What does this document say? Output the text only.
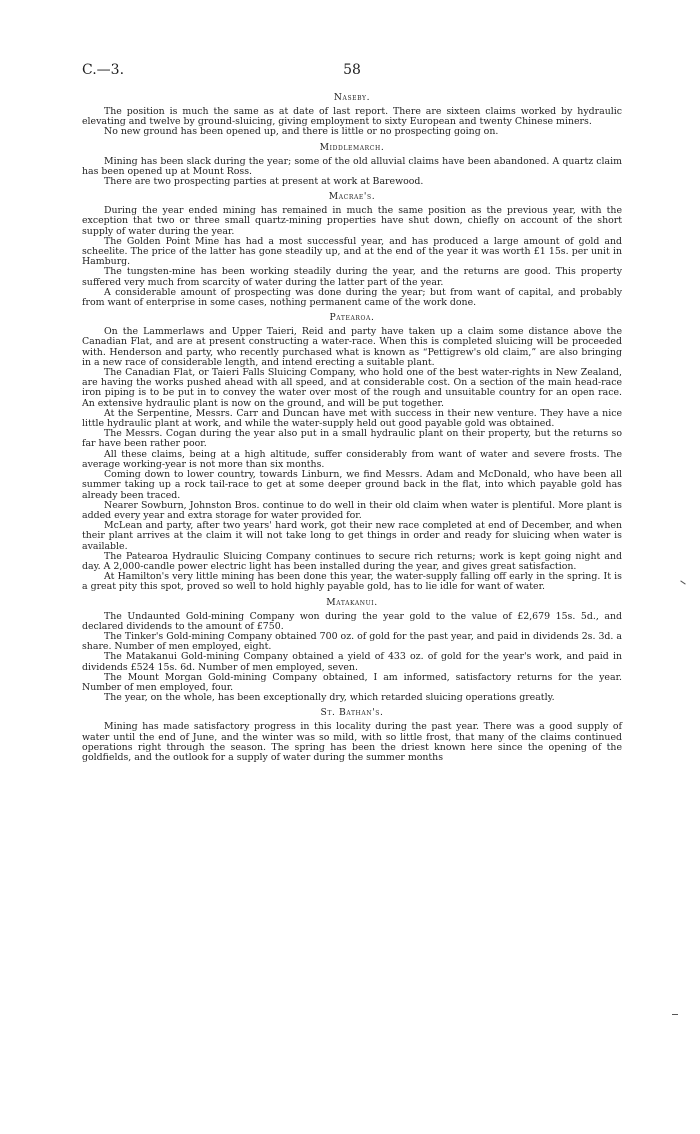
C.—3.	58
Naseby.

The position is much the same as at date of last report. There are sixteen claims worked by hydraulic elevating and twelve by ground-sluicing, giving employment to sixty European and twenty Chinese miners.

No new ground has been opened up, and there is little or no prospecting going on.

Middlemarch.

Mining has been slack during the year; some of the old alluvial claims have been abandoned. A quartz claim has been opened up at Mount Ross.

There are two prospecting parties at present at work at Barewood.

Macrae's.

During the year ended mining has remained in much the same position as the previous year, with the exception that two or three small quartz-mining properties have shut down, chiefly on account of the short supply of water during the year.

The Golden Point Mine has had a most successful year, and has produced a large amount of gold and scheelite. The price of the latter has gone steadily up, and at the end of the year it was worth £1 15s. per unit in Hamburg.

The tungsten-mine has been working steadily during the year, and the returns are good. This property suffered very much from scarcity of water during the latter part of the year.

A considerable amount of prospecting was done during the year; but from want of capital, and probably from want of enterprise in some cases, nothing permanent came of the work done.

Patearoa.

On the Lammerlaws and Upper Taieri, Reid and party have taken up a claim some distance above the Canadian Flat, and are at present constructing a water-race. When this is completed sluicing will be proceeded with. Henderson and party, who recently purchased what is known as “Pettigrew's old claim,” are also bringing in a new race of considerable length, and intend erecting a suitable plant.

The Canadian Flat, or Taieri Falls Sluicing Company, who hold one of the best water-rights in New Zealand, are having the works pushed ahead with all speed, and at considerable cost. On a section of the main head-race iron piping is to be put in to convey the water over most of the rough and unsuitable country for an open race. An extensive hydraulic plant is now on the ground, and will be put together.

At the Serpentine, Messrs. Carr and Duncan have met with success in their new venture. They have a nice little hydraulic plant at work, and while the water-supply held out good payable gold was obtained.

The Messrs. Cogan during the year also put in a small hydraulic plant on their property, but the returns so far have been rather poor.

All these claims, being at a high altitude, suffer considerably from want of water and severe frosts. The average working-year is not more than six months.

Coming down to lower country, towards Linburn, we find Messrs. Adam and McDonald, who have been all summer taking up a rock tail-race to get at some deeper ground back in the flat, into which payable gold has already been traced.

Nearer Sowburn, Johnston Bros. continue to do well in their old claim when water is plentiful. More plant is added every year and extra storage for water provided for.

McLean and party, after two years' hard work, got their new race completed at end of December, and when their plant arrives at the claim it will not take long to get things in order and ready for sluicing when water is available.

The Patearoa Hydraulic Sluicing Company continues to secure rich returns; work is kept going night and day. A 2,000-candle power electric light has been installed during the year, and gives great satisfaction.

At Hamilton's very little mining has been done this year, the water-supply falling off early in the spring. It is a great pity this spot, proved so well to hold highly payable gold, has to lie idle for want of water.

Matakanui.

The Undaunted Gold-mining Company won during the year gold to the value of £2,679 15s. 5d., and declared dividends to the amount of £750.

The Tinker's Gold-mining Company obtained 700 oz. of gold for the past year, and paid in dividends 2s. 3d. a share. Number of men employed, eight.

The Matakanui Gold-mining Company obtained a yield of 433 oz. of gold for the year's work, and paid in dividends £524 15s. 6d. Number of men employed, seven.

The Mount Morgan Gold-mining Company obtained, I am informed, satisfactory returns for the year. Number of men employed, four.

The year, on the whole, has been exceptionally dry, which retarded sluicing operations greatly.

St. Bathan's.

Mining has made satisfactory progress in this locality during the past year. There was a good supply of water until the end of June, and the winter was so mild, with so little frost, that many of the claims continued operations right through the season. The spring has been the driest known here since the opening of the goldfields, and the outlook for a supply of water during the summer months
